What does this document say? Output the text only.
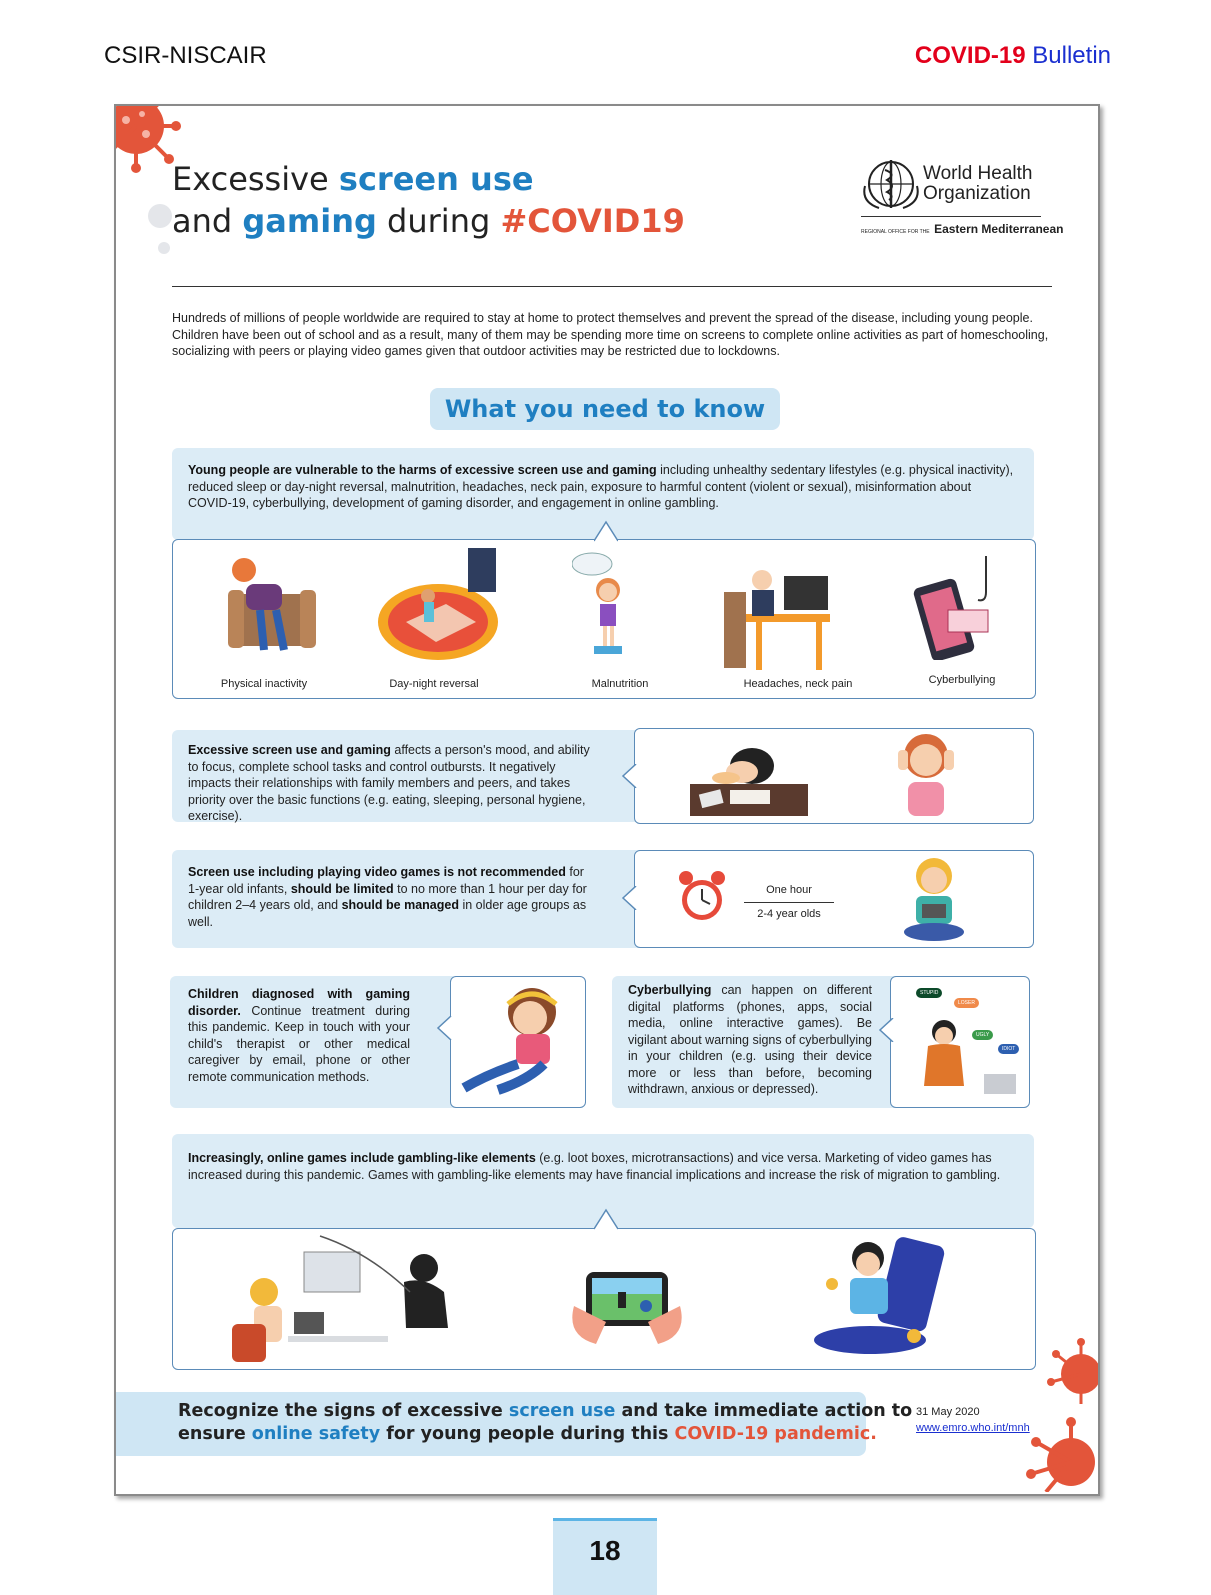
CSIR-NISCAIR	COVID-19 Bulletin
Excessive screen use
and gaming during #COVID19
World Health
Organization
REGIONAL OFFICE FOR THE Eastern Mediterranean
Hundreds of millions of people worldwide are required to stay at home to protect themselves and prevent the spread of the disease, including young people. Children have been out of school and as a result, many of them may be spending more time on screens to complete online activities as part of homeschooling, socializing with peers or playing video games given that outdoor activities may be restricted due to lockdowns.
What you need to know
Young people are vulnerable to the harms of excessive screen use and gaming including unhealthy sedentary lifestyles (e.g. physical inactivity), reduced sleep or day-night reversal, malnutrition, headaches, neck pain, exposure to harmful content (violent or sexual), misinformation about COVID-19, cyberbullying, development of gaming disorder, and engagement in online gambling.
Physical inactivity	Day-night reversal	Malnutrition	Headaches, neck pain	Cyberbullying
Excessive screen use and gaming affects a person's mood, and ability to focus, complete school tasks and control outbursts. It negatively impacts their relationships with family members and peers, and takes priority over the basic functions (e.g. eating, sleeping, personal hygiene, exercise).
Screen use including playing video games is not recommended for 1-year old infants, should be limited to no more than 1 hour per day for children 2–4 years old, and should be managed in older age groups as well.
One hour
2-4 year olds
Children diagnosed with gaming disorder. Continue treatment during this pandemic. Keep in touch with your child's therapist or other medical caregiver by email, phone or other remote communication methods.
Cyberbullying can happen on different digital platforms (phones, apps, social media, online interactive games). Be vigilant about warning signs of cyberbullying in your children (e.g. using their device more or less than before, becoming withdrawn, anxious or depressed).
STUPID
LOSER
UGLY
IDIOT
Increasingly, online games include gambling-like elements (e.g. loot boxes, microtransactions) and vice versa. Marketing of video games has increased during this pandemic. Games with gambling-like elements may have financial implications and increase the risk of migration to gambling.
Recognize the signs of excessive screen use and take immediate action to
ensure online safety for young people during this COVID-19 pandemic.
31 May 2020
www.emro.who.int/mnh
18
